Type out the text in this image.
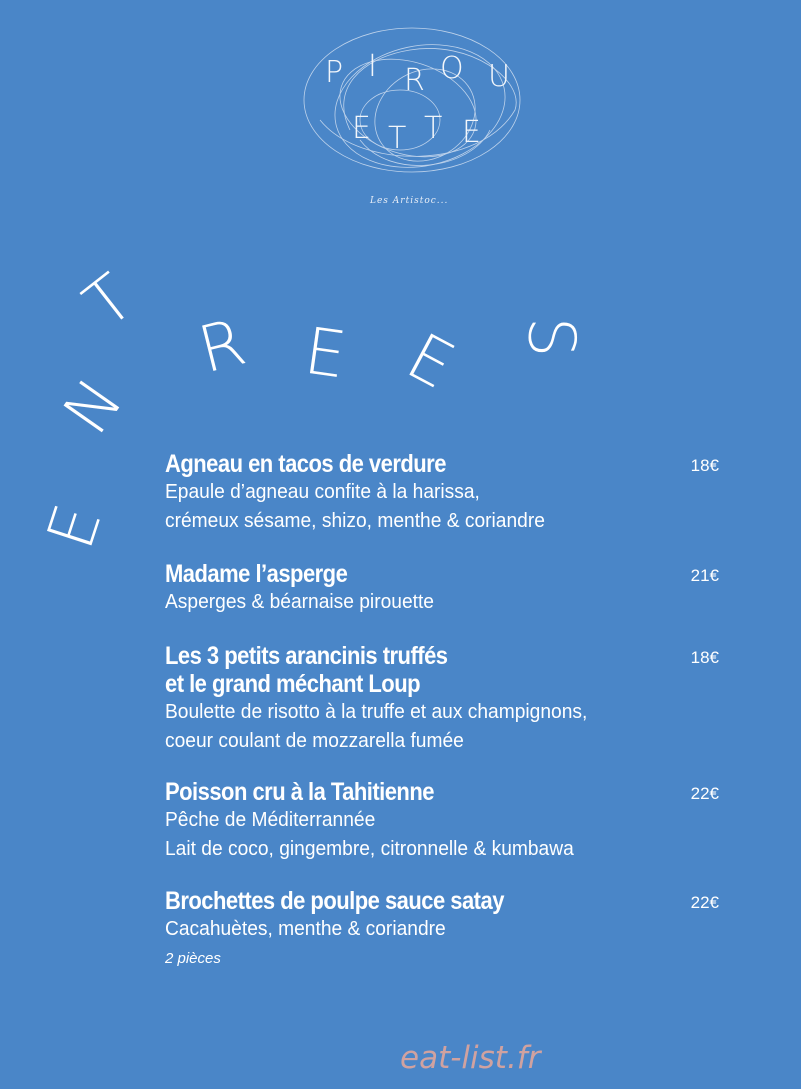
P I R O U
E T T E
Les Artistoc...
E
N
T
R E E S
Agneau en tacos de verdure	18€
Epaule d’agneau confite à la harissa,
crémeux sésame, shizo, menthe & coriandre
Madame l’asperge	21€
Asperges & béarnaise pirouette
Les 3 petits arancinis truffés
et le grand méchant Loup
18€
Boulette de risotto à la truffe et aux champignons,
coeur coulant de mozzarella fumée
Poisson cru à la Tahitienne	22€
Pêche de Méditerrannée
Lait de coco, gingembre, citronnelle & kumbawa
Brochettes de poulpe sauce satay	22€
Cacahuètes, menthe & coriandre
2 pièces
eat-list.fr
